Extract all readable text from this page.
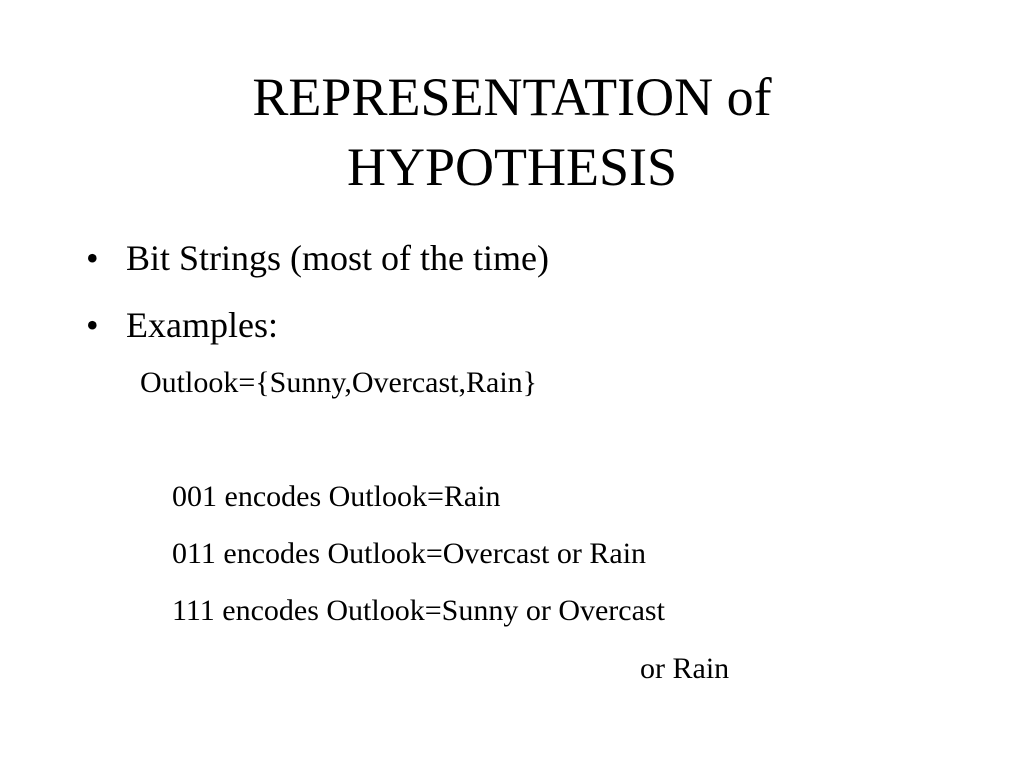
REPRESENTATION of
HYPOTHESIS
• Bit Strings (most of the time)
• Examples:
Outlook={Sunny,Overcast,Rain}
001 encodes Outlook=Rain
011 encodes Outlook=Overcast or Rain
111 encodes Outlook=Sunny or Overcast
or Rain
